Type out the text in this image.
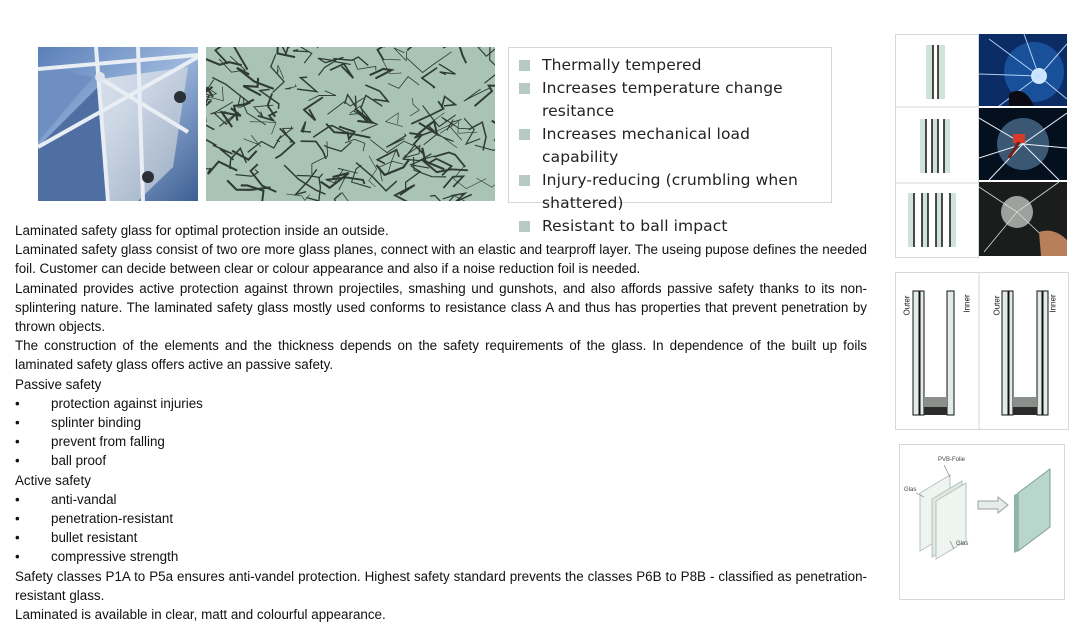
Thermally tempered
Increases temperature change resitance
Increases mechanical load capability
Injury-reducing (crumbling when shattered)
Resistant to ball impact
Outer	Inner	Outer	Inner
PVB-Folie
Glas
Glas

Laminated safety glass for optimal protection inside an outside.

Laminated safety glass consist of two ore more glass planes, connect with an elastic and tearproff layer. The useing pupose defines the needed foil. Customer can decide between clear or colour appearance and also if a noise reduction foil is needed.

Laminated provides active protection against thrown projectiles, smashing und gunshots, and also affords passive safety thanks to its non-splintering nature. The laminated safety glass mostly used conforms to resistance class A and thus has properties that prevent penetration by thrown objects.

The construction of the elements and the thickness depends on the safety requirements of the glass. In dependence of the built up foils laminated safety glass offers active an passive safety.

Passive safety

•	protection against injuries
•	splinter binding
•	prevent from falling
•	ball proof

Active safety

•	anti-vandal
•	penetration-resistant
•	bullet resistant
•	compressive strength

Safety classes P1A to P5a ensures anti-vandel protection. Highest safety standard prevents the classes P6B to P8B - classified as penetration-resistant glass.

Laminated is available in clear, matt and colourful appearance.
